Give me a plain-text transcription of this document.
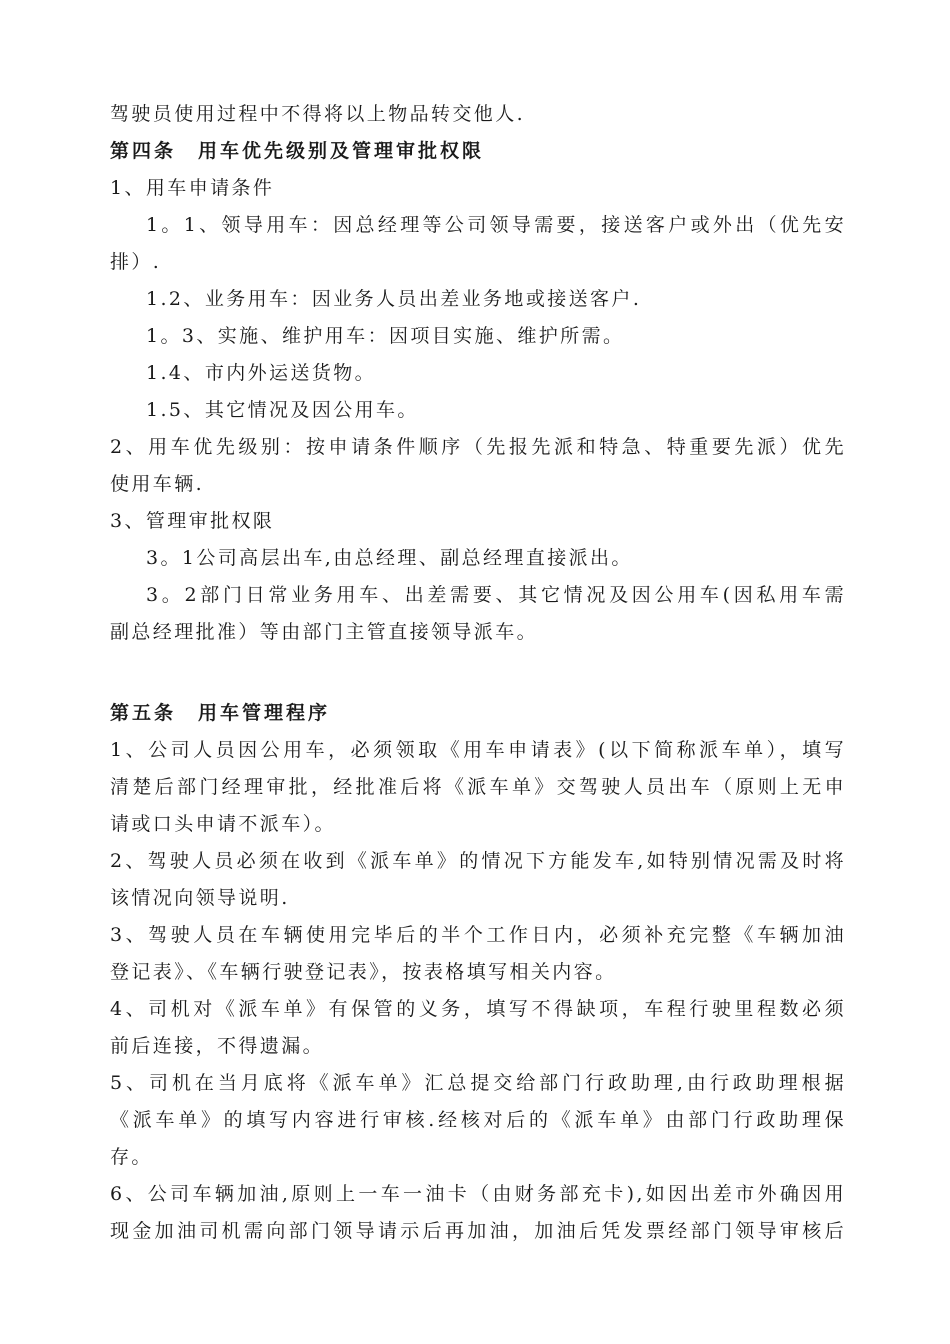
驾驶员使用过程中不得将以上物品转交他人.
第四条　用车优先级别及管理审批权限
1、用车申请条件
1。1、领导用车：因总经理等公司领导需要，接送客户或外出（优先安
排）.
1.2、业务用车：因业务人员出差业务地或接送客户.
1。3、实施、维护用车：因项目实施、维护所需。
1.4、市内外运送货物。
1.5、其它情况及因公用车。
2、用车优先级别：按申请条件顺序（先报先派和特急、特重要先派）优先
使用车辆.
3、管理审批权限
3。1公司高层出车,由总经理、副总经理直接派出。
3。2部门日常业务用车、出差需要、其它情况及因公用车(因私用车需
副总经理批准）等由部门主管直接领导派车。
第五条　用车管理程序
1、公司人员因公用车，必须领取《用车申请表》(以下简称派车单），填写
清楚后部门经理审批，经批准后将《派车单》交驾驶人员出车（原则上无申
请或口头申请不派车）。
2、驾驶人员必须在收到《派车单》的情况下方能发车,如特别情况需及时将
该情况向领导说明.
3、驾驶人员在车辆使用完毕后的半个工作日内，必须补充完整《车辆加油
登记表》、《车辆行驶登记表》，按表格填写相关内容。
4、司机对《派车单》有保管的义务，填写不得缺项，车程行驶里程数必须
前后连接，不得遗漏。
5、司机在当月底将《派车单》汇总提交给部门行政助理,由行政助理根据
《派车单》的填写内容进行审核.经核对后的《派车单》由部门行政助理保
存。
6、公司车辆加油,原则上一车一油卡（由财务部充卡),如因出差市外确因用
现金加油司机需向部门领导请示后再加油，加油后凭发票经部门领导审核后
